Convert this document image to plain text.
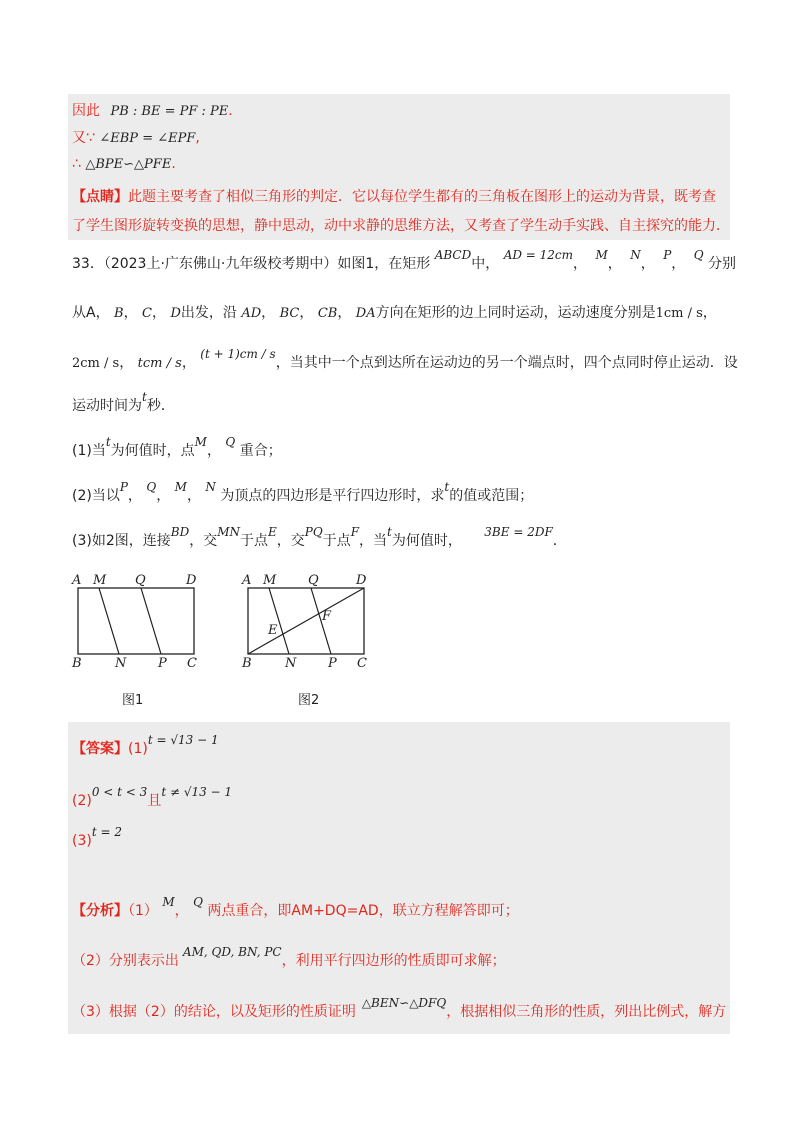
因此 PB : BE = PF : PE.
又∵ ∠EBP = ∠EPF,
∴ △BPE∽△PFE.
【点睛】此题主要考查了相似三角形的判定．它以每位学生都有的三角板在图形上的运动为背景，既考查
了学生图形旋转变换的思想，静中思动，动中求静的思维方法，又考查了学生动手实践、自主探究的能力．
33．（2023上·广东佛山·九年级校考期中）如图1，在矩形 ABCD中， AD = 12cm， M， N， P， Q 分别
从A， B， C， D出发，沿 AD， BC， CB， DA方向在矩形的边上同时运动，运动速度分别是1cm / s，
2cm / s， tcm / s， (t + 1)cm / s，当其中一个点到达所在运动边的另一个端点时，四个点同时停止运动．设
运动时间为t秒．
(1)当t为何值时，点M， Q 重合；
(2)当以P， Q， M， N 为顶点的四边形是平行四边形时，求t的值或范围；
(3)如2图，连接BD，交MN于点E，交PQ于点F，当t为何值时， 3BE = 2DF．
A M Q	D
B	N P C
图1
A M Q	D
E
F
B	N P C
图2
【答案】(1)t = √13 − 1
(2)0 < t < 3且t ≠ √13 − 1
(3)t = 2
【分析】（1） M， Q 两点重合，即AM+DQ=AD，联立方程解答即可；
（2）分别表示出AM, QD, BN, PC，利用平行四边形的性质即可求解；
（3）根据（2）的结论，以及矩形的性质证明△BEN∽△DFQ，根据相似三角形的性质，列出比例式，解方
